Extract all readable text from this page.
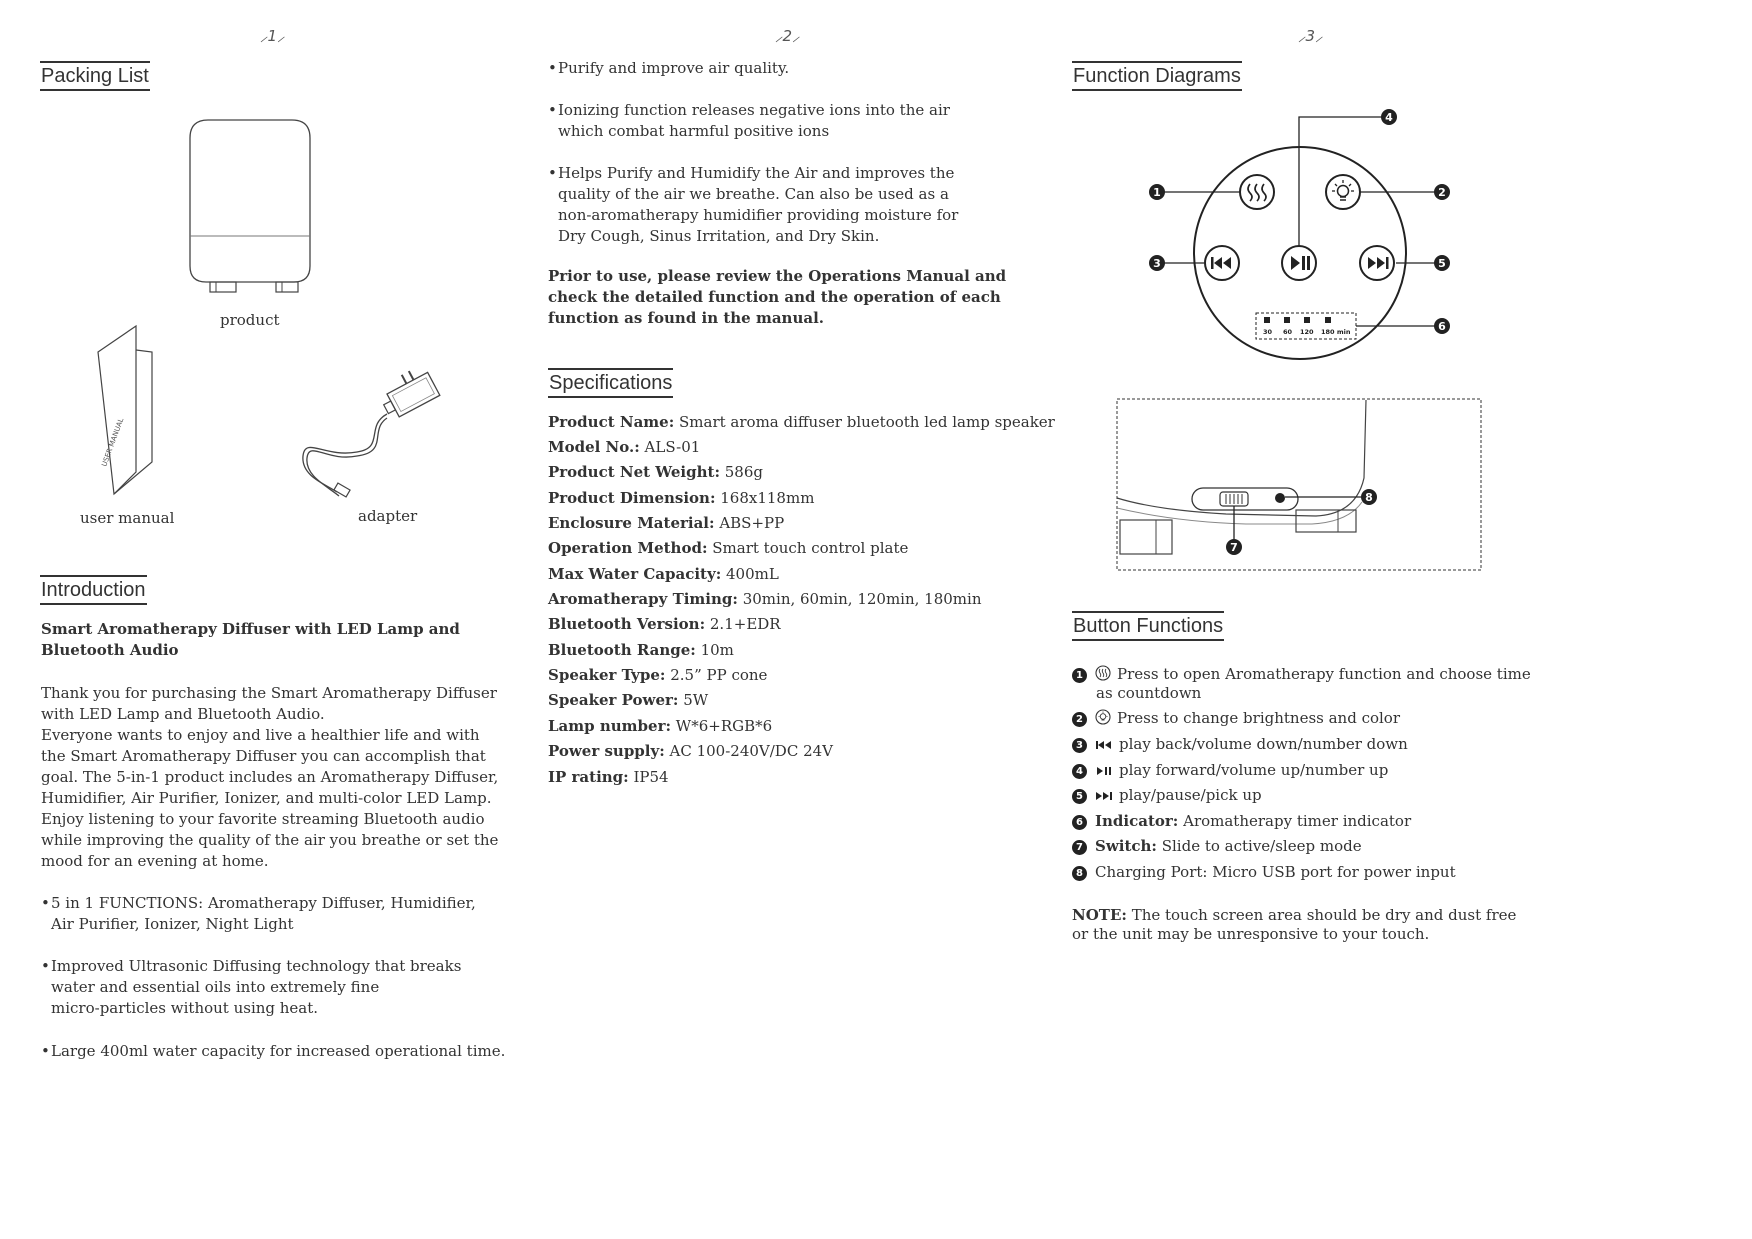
⸝1⸝	⸝2⸝	⸝3⸝
Packing List
product
USER MANUAL
user manual	adapter
Introduction
Smart Aromatherapy Diffuser with LED Lamp and
Bluetooth Audio
Thank you for purchasing the Smart Aromatherapy Diffuser
with LED Lamp and Bluetooth Audio.
Everyone wants to enjoy and live a healthier life and with
the Smart Aromatherapy Diffuser you can accomplish that
goal. The 5-in-1 product includes an Aromatherapy Diffuser,
Humidifier, Air Purifier, Ionizer, and multi-color LED Lamp.
Enjoy listening to your favorite streaming Bluetooth audio
while improving the quality of the air you breathe or set the
mood for an evening at home.
• 5 in 1 FUNCTIONS: Aromatherapy Diffuser, Humidifier,
Air Purifier, Ionizer, Night Light
• Improved Ultrasonic Diffusing technology that breaks
water and essential oils into extremely fine
micro-particles without using heat.
• Large 400ml water capacity for increased operational time.
• Purify and improve air quality.
• Ionizing function releases negative ions into the air
which combat harmful positive ions
• Helps Purify and Humidify the Air and improves the
quality of the air we breathe. Can also be used as a
non-aromatherapy humidifier providing moisture for
Dry Cough, Sinus Irritation, and Dry Skin.
Prior to use, please review the Operations Manual and
check the detailed function and the operation of each
function as found in the manual.
Specifications
Product Name: Smart aroma diffuser bluetooth led lamp speaker
Model No.: ALS-01
Product Net Weight: 586g
Product Dimension: 168x118mm
Enclosure Material: ABS+PP
Operation Method: Smart touch control plate
Max Water Capacity: 400mL
Aromatherapy Timing: 30min, 60min, 120min, 180min
Bluetooth Version: 2.1+EDR
Bluetooth Range: 10m
Speaker Type: 2.5” PP cone
Speaker Power: 5W
Lamp number: W*6+RGB*6
Power supply: AC 100-240V/DC 24V
IP rating: IP54
Function Diagrams
30 60 120 180 min
1	2
3
4
5
6
7
8
Button Functions
1 Press to open Aromatherapy function and choose time
as countdown
2 Press to change brightness and color
3 play back/volume down/number down
4 play forward/volume up/number up
5 play/pause/pick up
6 Indicator: Aromatherapy timer indicator
7 Switch: Slide to active/sleep mode
8 Charging Port: Micro USB port for power input
NOTE: The touch screen area should be dry and dust free
or the unit may be unresponsive to your touch.
